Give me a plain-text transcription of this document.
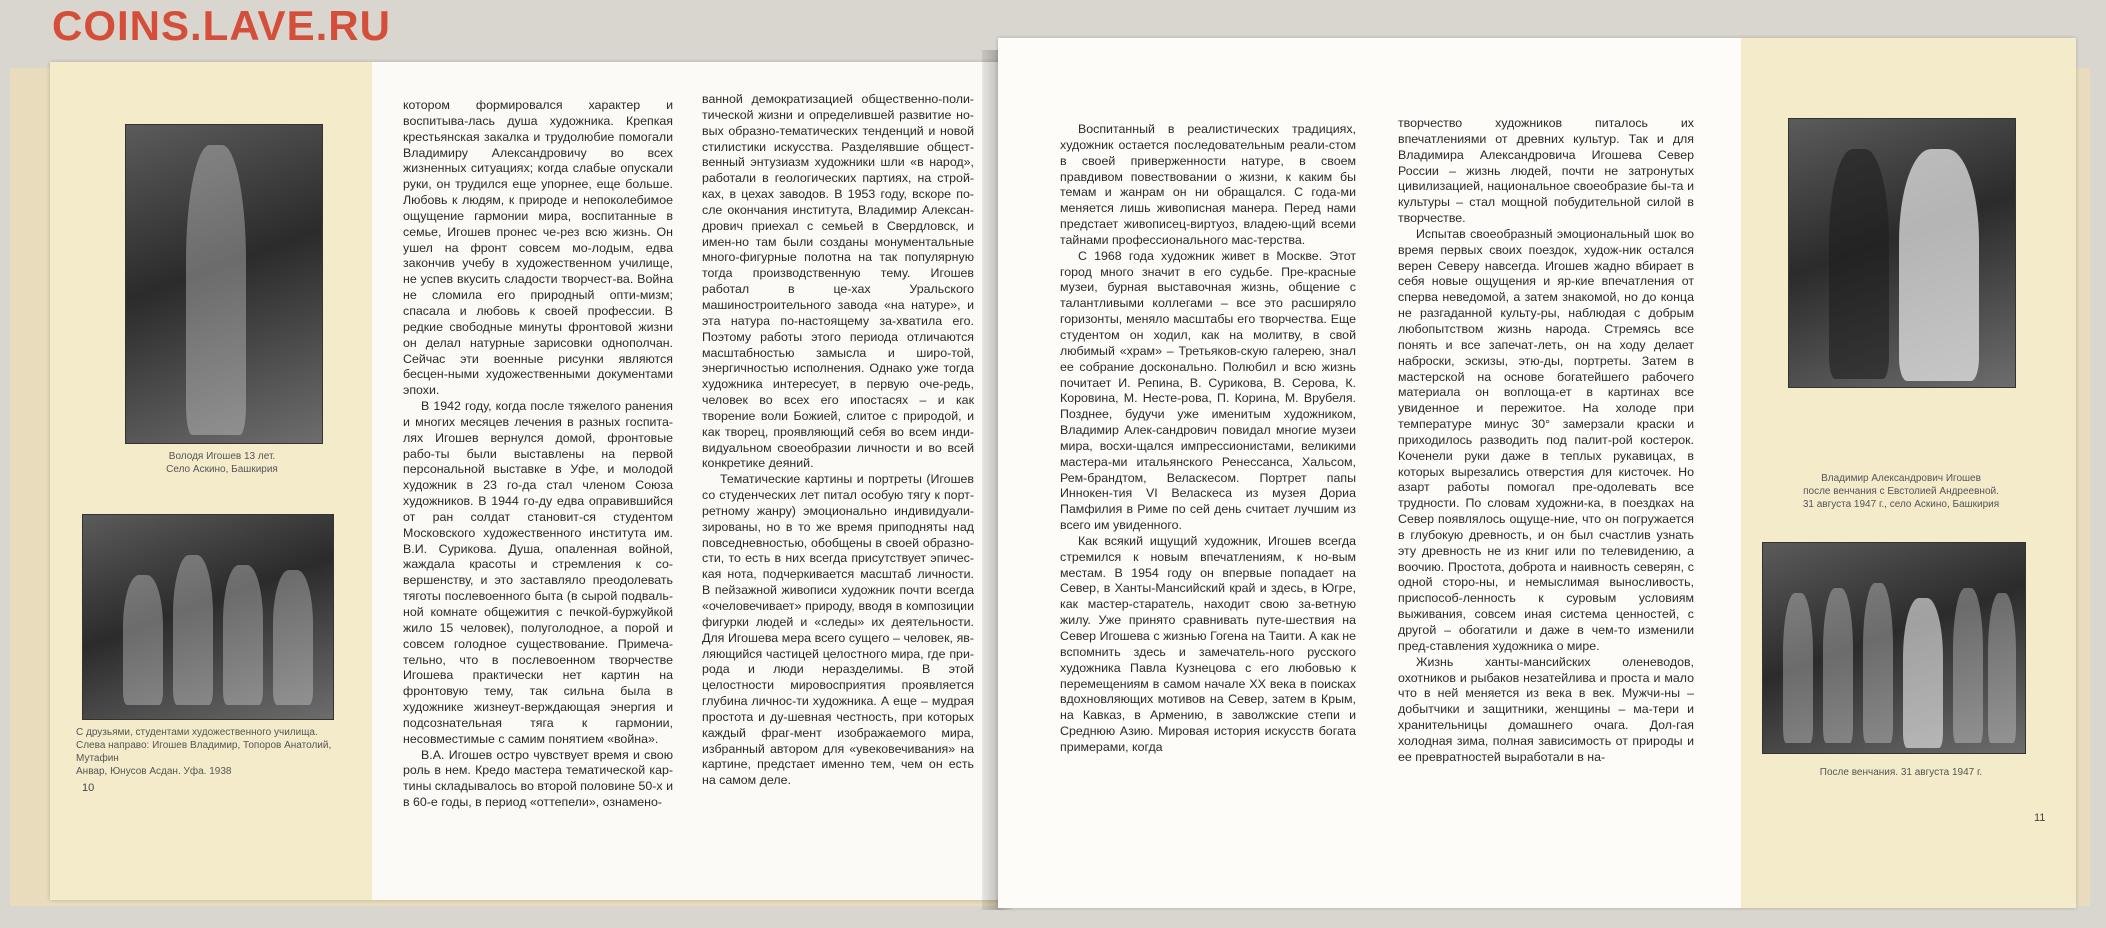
COINS.LAVE.RU
Володя Игошев 13 лет.
Село Аскино, Башкирия
С друзьями, студентами художественного училища.
Слева направо: Игошев Владимир, Топоров Анатолий, Мутафин
Анвар, Юнусов Асдан. Уфа. 1938
10

котором формировался характер и воспитыва-лась душа художника. Крепкая крестьянская закалка и трудолюбие помогали Владимиру Александровичу во всех жизненных ситуациях; когда слабые опускали руки, он трудился еще упорнее, еще больше. Любовь к людям, к природе и непоколебимое ощущение гармонии мира, воспитанные в семье, Игошев пронес че-рез всю жизнь. Он ушел на фронт совсем мо-лодым, едва закончив учебу в художественном училище, не успев вкусить сладости творчест-ва. Война не сломила его природный опти-мизм; спасала и любовь к своей профессии. В редкие свободные минуты фронтовой жизни он делал натурные зарисовки однополчан. Сейчас эти военные рисунки являются бесцен-ными художественными документами эпохи.

В 1942 году, когда после тяжелого ранения и многих месяцев лечения в разных госпита-лях Игошев вернулся домой, фронтовые рабо-ты были выставлены на первой персональной выставке в Уфе, и молодой художник в 23 го-да стал членом Союза художников. В 1944 го-ду едва оправившийся от ран солдат становит-ся студентом Московского художественного института им. В.И. Сурикова. Душа, опаленная войной, жаждала красоты и стремления к со-вершенству, и это заставляло преодолевать тяготы послевоенного быта (в сырой подваль-ной комнате общежития с печкой-буржуйкой жило 15 человек), полуголодное, а порой и совсем голодное существование. Примеча-тельно, что в послевоенном творчестве Игошева практически нет картин на фронтовую тему, так сильна была в художнике жизнеут-верждающая энергия и подсознательная тяга к гармонии, несовместимые с самим понятием «война».

В.А. Игошев остро чувствует время и свою роль в нем. Кредо мастера тематической кар-тины складывалось во второй половине 50-х и в 60-е годы, в период «оттепели», ознамено-

ванной демократизацией общественно-поли-тической жизни и определившей развитие но-вых образно-тематических тенденций и новой стилистики искусства. Разделявшие общест-венный энтузиазм художники шли «в народ», работали в геологических партиях, на строй-ках, в цехах заводов. В 1953 году, вскоре по-сле окончания института, Владимир Алексан-дрович приехал с семьей в Свердловск, и имен-но там были созданы монументальные много-фигурные полотна на так популярную тогда производственную тему. Игошев работал в це-хах Уральского машиностроительного завода «на натуре», и эта натура по-настоящему за-хватила его. Поэтому работы этого периода отличаются масштабностью замысла и широ-той, энергичностью исполнения. Однако уже тогда художника интересует, в первую оче-редь, человек во всех его ипостасях – и как творение воли Божией, слитое с природой, и как творец, проявляющий себя во всем инди-видуальном своеобразии личности и во всей конкретике деяний.

Тематические картины и портреты (Игошев со студенческих лет питал особую тягу к порт-ретному жанру) эмоционально индивидуали-зированы, но в то же время приподняты над повседневностью, обобщены в своей образно-сти, то есть в них всегда присутствует эпичес-кая нота, подчеркивается масштаб личности. В пейзажной живописи художник почти всегда «очеловечивает» природу, вводя в композиции фигурки людей и «следы» их деятельности. Для Игошева мера всего сущего – человек, яв-ляющийся частицей целостного мира, где при-рода и люди неразделимы. В этой целостности мировосприятия проявляется глубина личнос-ти художника. А еще – мудрая простота и ду-шевная честность, при которых каждый фраг-мент изображаемого мира, избранный автором для «увековечивания» на картине, предстает именно тем, чем он есть на самом деле.

Воспитанный в реалистических традициях, художник остается последовательным реали-стом в своей приверженности натуре, в своем правдивом повествовании о жизни, к каким бы темам и жанрам он ни обращался. С года-ми меняется лишь живописная манера. Перед нами предстает живописец-виртуоз, владею-щий всеми тайнами профессионального мас-терства.

С 1968 года художник живет в Москве. Этот город много значит в его судьбе. Пре-красные музеи, бурная выставочная жизнь, общение с талантливыми коллегами – все это расширяло горизонты, меняло масштабы его творчества. Еще студентом он ходил, как на молитву, в свой любимый «храм» – Третьяков-скую галерею, знал ее собрание досконально. Полюбил и всю жизнь почитает И. Репина, В. Сурикова, В. Серова, К. Коровина, М. Несте-рова, П. Корина, М. Врубеля. Позднее, будучи уже именитым художником, Владимир Алек-сандрович повидал многие музеи мира, восхи-щался импрессионистами, великими мастера-ми итальянского Ренессанса, Хальсом, Рем-брандтом, Веласкесом. Портрет папы Иннокен-тия VI Веласкеса из музея Дориа Памфилия в Риме по сей день считает лучшим из всего им увиденного.

Как всякий ищущий художник, Игошев всегда стремился к новым впечатлениям, к но-вым местам. В 1954 году он впервые попадает на Север, в Ханты-Мансийский край и здесь, в Югре, как мастер-старатель, находит свою за-ветную жилу. Уже принято сравнивать путе-шествия на Север Игошева с жизнью Гогена на Таити. А как не вспомнить здесь и замечатель-ного русского художника Павла Кузнецова с его любовью к перемещениям в самом начале XX века в поисках вдохновляющих мотивов на Север, затем в Крым, на Кавказ, в Армению, в заволжские степи и Среднюю Азию. Мировая история искусств богата примерами, когда

творчество художников питалось их впечатлениями от древних культур. Так и для Владимира Александровича Игошева Север России – жизнь людей, почти не затронутых цивилизацией, национальное своеобразие бы-та и культуры – стал мощной побудительной силой в творчестве.

Испытав своеобразный эмоциональный шок во время первых своих поездок, худож-ник остался верен Северу навсегда. Игошев жадно вбирает в себя новые ощущения и яр-кие впечатления от сперва неведомой, а затем знакомой, но до конца не разгаданной культу-ры, наблюдая с добрым любопытством жизнь народа. Стремясь все понять и все запечат-леть, он на ходу делает наброски, эскизы, этю-ды, портреты. Затем в мастерской на основе богатейшего рабочего материала он воплоща-ет в картинах все увиденное и пережитое. На холоде при температуре минус 30° замерзали краски и приходилось разводить под палит-рой костерок. Коченели руки даже в теплых рукавицах, в которых вырезались отверстия для кисточек. Но азарт работы помогал пре-одолевать все трудности. По словам художни-ка, в поездках на Север появлялось ощуще-ние, что он погружается в глубокую древность, и он был счастлив узнать эту древность не из книг или по телевидению, а воочию. Простота, доброта и наивность северян, с одной сторо-ны, и немыслимая выносливость, приспособ-ленность к суровым условиям выживания, совсем иная система ценностей, с другой – обогатили и даже в чем-то изменили пред-ставления художника о мире.

Жизнь ханты-мансийских оленеводов, охотников и рыбаков незатейлива и проста и мало что в ней меняется из века в век. Мужчи-ны – добытчики и защитники, женщины – ма-тери и хранительницы домашнего очага. Дол-гая холодная зима, полная зависимость от природы и ее превратностей выработали в на-

Владимир Александрович Игошев
после венчания с Евстолией Андреевной.
31 августа 1947 г., село Аскино, Башкирия
После венчания. 31 августа 1947 г.
11
